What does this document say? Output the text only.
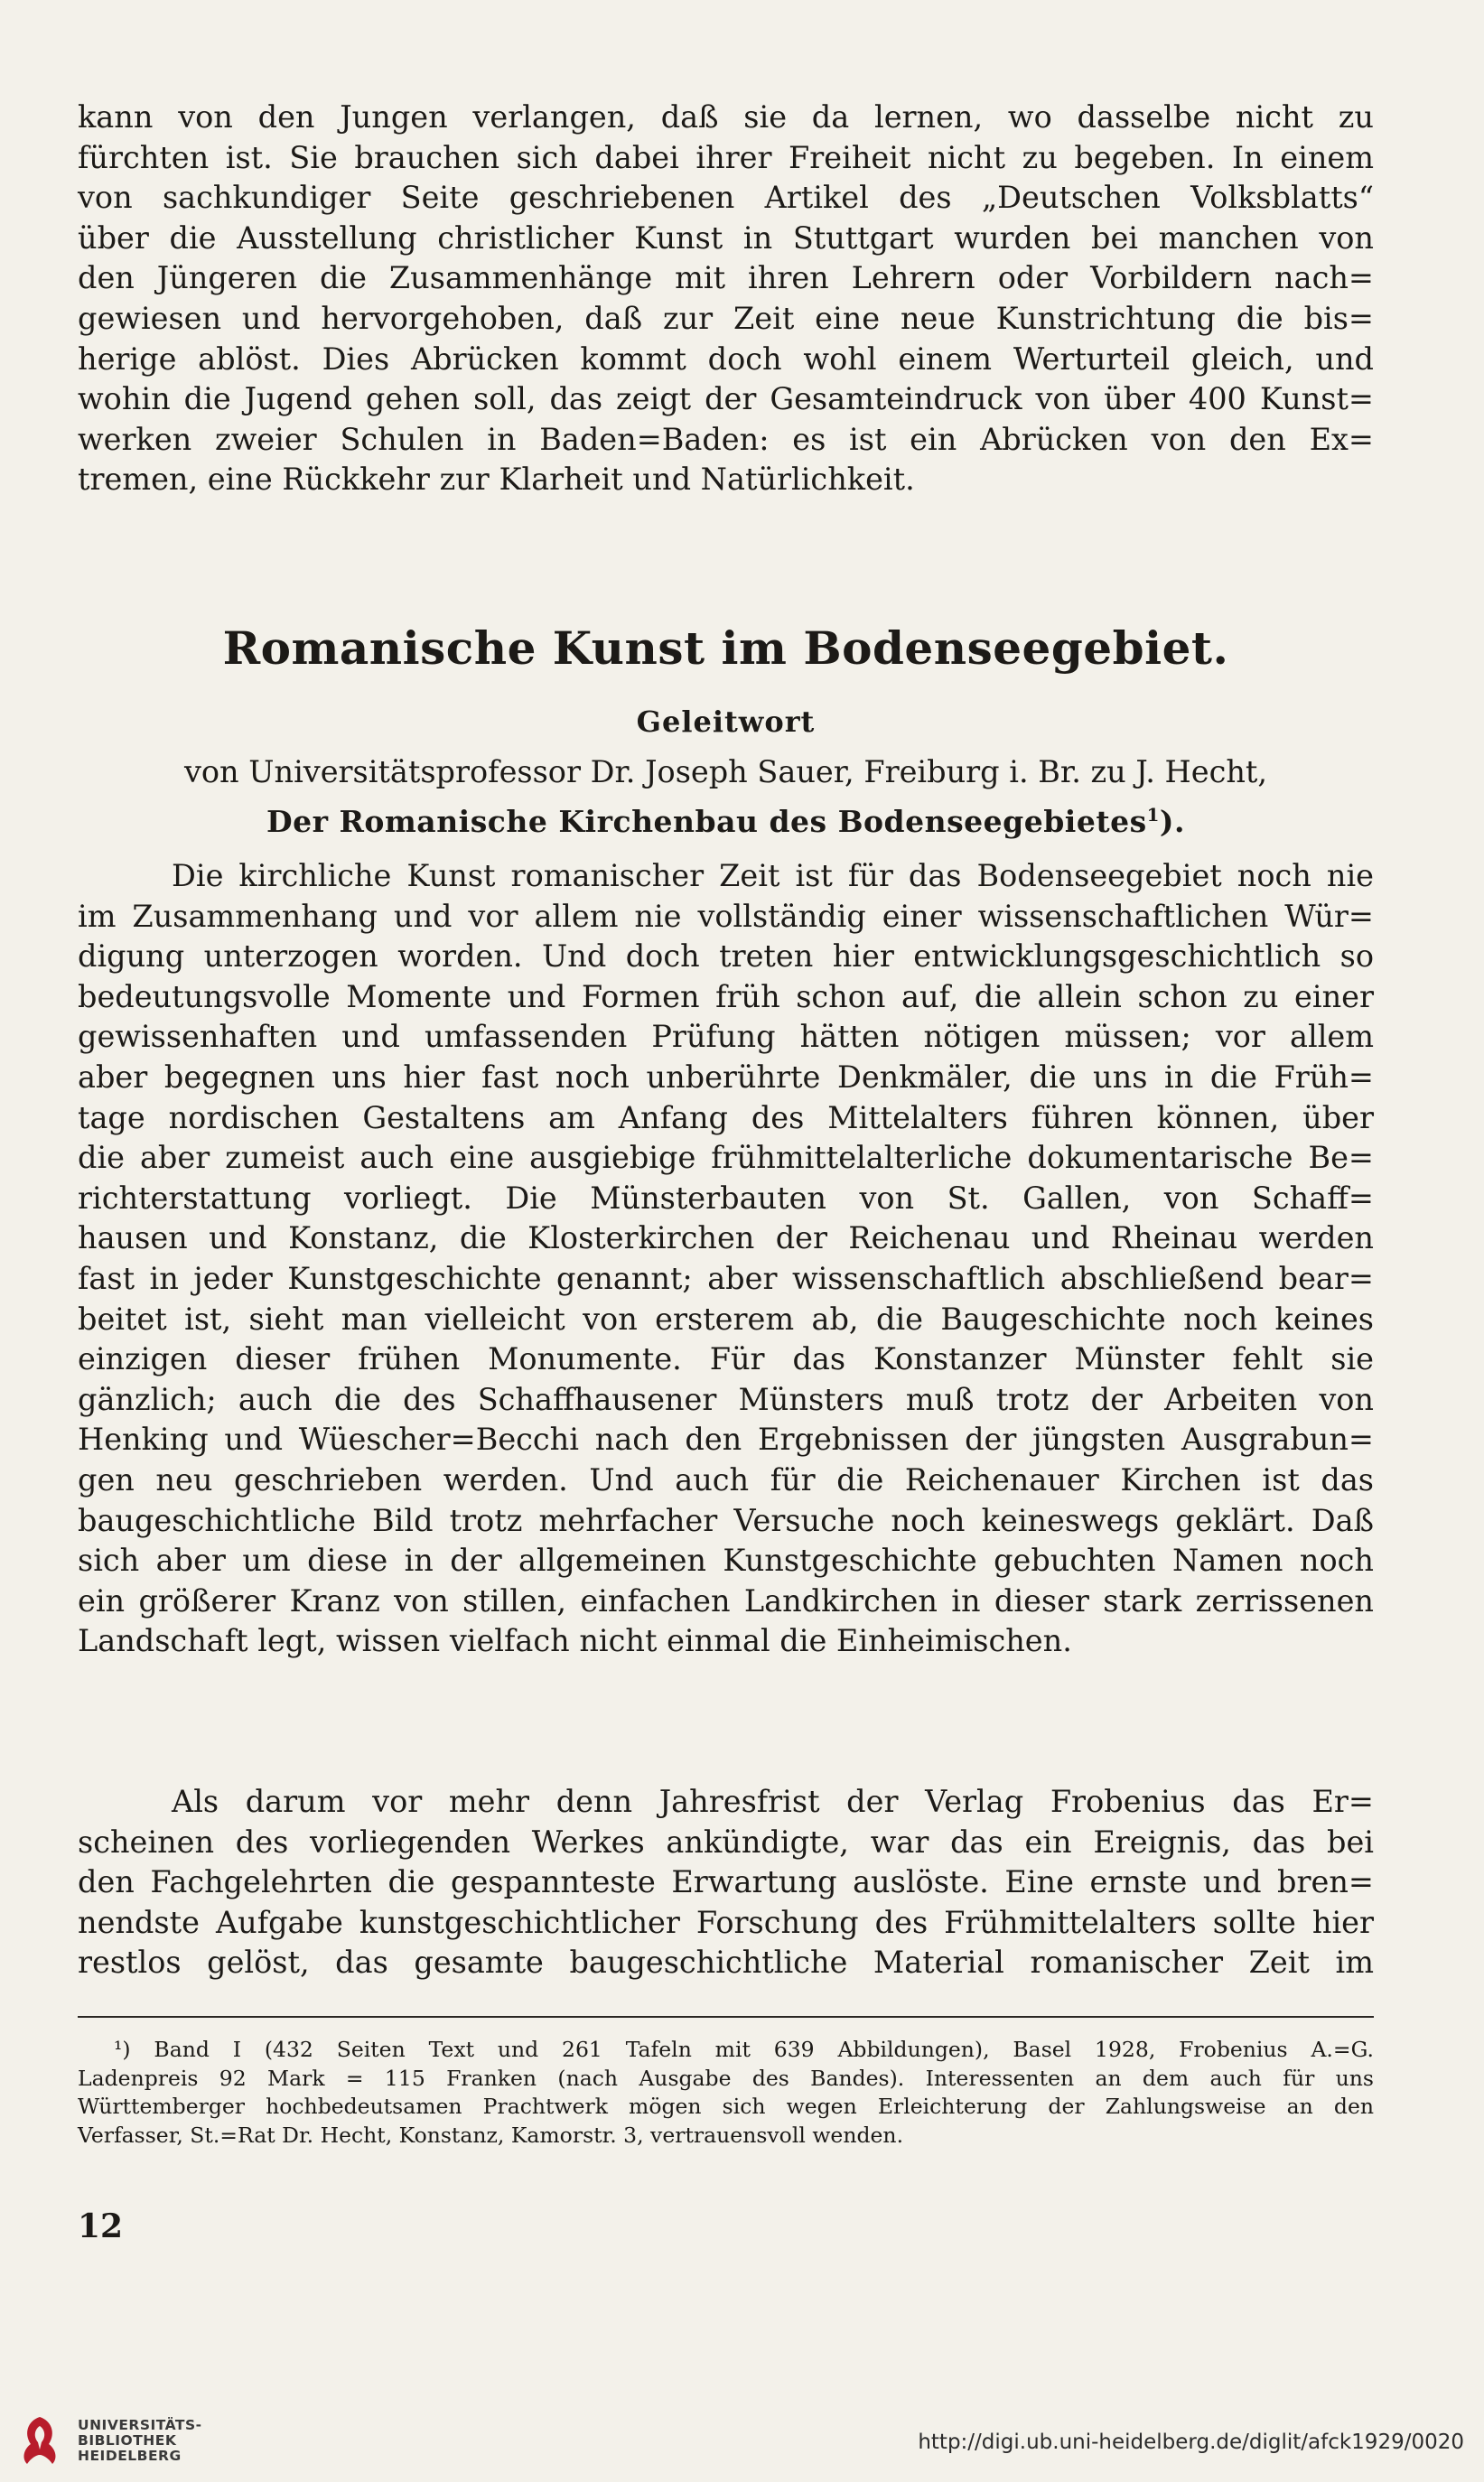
kann von den Jungen verlangen, daß sie da lernen, wo dasselbe nicht zu
fürchten ist. Sie brauchen sich dabei ihrer Freiheit nicht zu begeben. In einem
von sachkundiger Seite geschriebenen Artikel des „Deutschen Volksblatts“
über die Ausstellung christlicher Kunst in Stuttgart wurden bei manchen von
den Jüngeren die Zusammenhänge mit ihren Lehrern oder Vorbildern nach=
gewiesen und hervorgehoben, daß zur Zeit eine neue Kunstrichtung die bis=
herige ablöst. Dies Abrücken kommt doch wohl einem Werturteil gleich, und
wohin die Jugend gehen soll, das zeigt der Gesamteindruck von über 400 Kunst=
werken zweier Schulen in Baden=Baden: es ist ein Abrücken von den Ex=
tremen, eine Rückkehr zur Klarheit und Natürlichkeit.
Romanische Kunst im Bodenseegebiet.
Geleitwort
von Universitätsprofessor Dr. Joseph Sauer, Freiburg i. Br. zu J. Hecht,
Der Romanische Kirchenbau des Bodenseegebietes$^1$).
Die kirchliche Kunst romanischer Zeit ist für das Bodenseegebiet noch nie
im Zusammenhang und vor allem nie vollständig einer wissenschaftlichen Wür=
digung unterzogen worden. Und doch treten hier entwicklungsgeschichtlich so
bedeutungsvolle Momente und Formen früh schon auf, die allein schon zu einer
gewissenhaften und umfassenden Prüfung hätten nötigen müssen; vor allem
aber begegnen uns hier fast noch unberührte Denkmäler, die uns in die Früh=
tage nordischen Gestaltens am Anfang des Mittelalters führen können, über
die aber zumeist auch eine ausgiebige frühmittelalterliche dokumentarische Be=
richterstattung vorliegt. Die Münsterbauten von St. Gallen, von Schaff=
hausen und Konstanz, die Klosterkirchen der Reichenau und Rheinau werden
fast in jeder Kunstgeschichte genannt; aber wissenschaftlich abschließend bear=
beitet ist, sieht man vielleicht von ersterem ab, die Baugeschichte noch keines
einzigen dieser frühen Monumente. Für das Konstanzer Münster fehlt sie
gänzlich; auch die des Schaffhausener Münsters muß trotz der Arbeiten von
Henking und Wüescher=Becchi nach den Ergebnissen der jüngsten Ausgrabun=
gen neu geschrieben werden. Und auch für die Reichenauer Kirchen ist das
baugeschichtliche Bild trotz mehrfacher Versuche noch keineswegs geklärt. Daß
sich aber um diese in der allgemeinen Kunstgeschichte gebuchten Namen noch
ein größerer Kranz von stillen, einfachen Landkirchen in dieser stark zerrissenen
Landschaft legt, wissen vielfach nicht einmal die Einheimischen.
Als darum vor mehr denn Jahresfrist der Verlag Frobenius das Er=
scheinen des vorliegenden Werkes ankündigte, war das ein Ereignis, das bei
den Fachgelehrten die gespannteste Erwartung auslöste. Eine ernste und bren=
nendste Aufgabe kunstgeschichtlicher Forschung des Frühmittelalters sollte hier
restlos gelöst, das gesamte baugeschichtliche Material romanischer Zeit im
¹) Band I (432 Seiten Text und 261 Tafeln mit 639 Abbildungen), Basel 1928, Frobenius A.=G.
Ladenpreis 92 Mark = 115 Franken (nach Ausgabe des Bandes). Interessenten an dem auch für uns
Württemberger hochbedeutsamen Prachtwerk mögen sich wegen Erleichterung der Zahlungsweise an den
Verfasser, St.=Rat Dr. Hecht, Konstanz, Kamorstr. 3, vertrauensvoll wenden.
12
UNIVERSITÄTS-
BIBLIOTHEK
HEIDELBERG
http://digi.ub.uni-heidelberg.de/diglit/afck1929/0020
